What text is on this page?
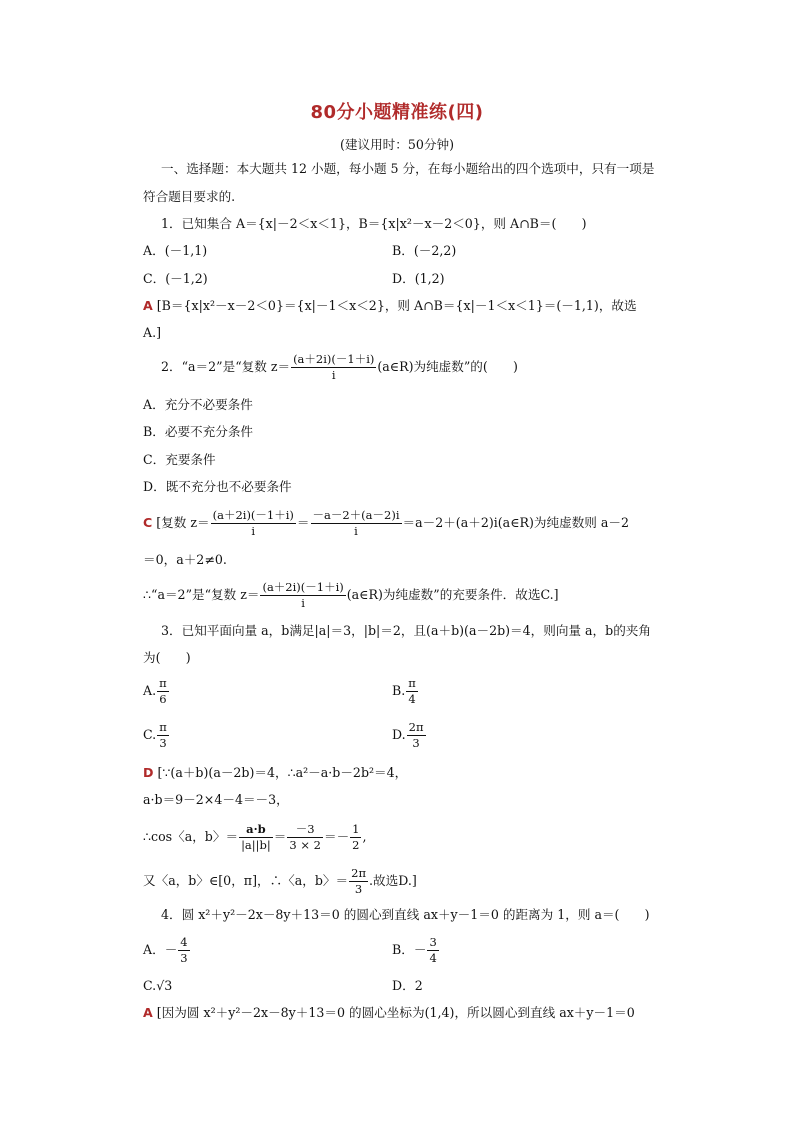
80分小题精准练(四)
(建议用时：50分钟)
一、选择题：本大题共 12 小题，每小题 5 分，在每小题给出的四个选项中，只有一项是
符合题目要求的.
1．已知集合 A＝{x|－2＜x＜1}，B＝{x|x²－x－2＜0}，则 A∩B＝(　　)
A．(－1,1)	B．(－2,2)
C．(－1,2)	D．(1,2)
A [B＝{x|x²－x－2＜0}＝{x|－1＜x＜2}，则 A∩B＝{x|－1＜x＜1}＝(－1,1)，故选
A.]
2．“a＝2”是“复数 $z= \frac{(a+2i)(-1+i)}{i}$ (a∈R)为纯虚数”的(　　)
A．充分不必要条件
B．必要不充分条件
C．充要条件
D．既不充分也不必要条件
C [复数 $z= \frac{(a+2i)(-1+i)}{i} = \frac{-a-2+(a-2)i}{i}$ ＝a－2＋(a＋2)i(a∈R)为纯虚数则 a－2
＝0，a＋2≠0.
∴“a＝2”是“复数 $z= \frac{(a+2i)(-1+i)}{i}$ (a∈R)为纯虚数”的充要条件．故选C.]
3．已知平面向量 a，b满足|a|＝3，|b|＝2，且(a＋b)(a－2b)＝4，则向量 a，b的夹角
为(　　)
A. $\frac{\pi}{6}$	B. $\frac{\pi}{4}$
C. $\frac{\pi}{3}$	D. $\frac{2\pi}{3}$
D [∵(a＋b)(a－2b)＝4，∴a²－a·b－2b²＝4，
a·b＝9－2×4－4＝－3，
∴cos〈a，b〉＝ $\frac{a\cdot b}{|a||b|} = \frac{-3}{3 \times 2} =- \frac{1}{2}$ ,
又〈a，b〉∈[0，π]，∴〈a，b〉＝ $\frac{2\pi}{3}$ .故选D.]
4．圆 x²＋y²－2x－8y＋13＝0 的圆心到直线 ax＋y－1＝0 的距离为 1，则 a＝(　　)
A．－ $\frac{4}{3}$	B．－ $\frac{3}{4}$
C.√3	D．2
A [因为圆 x²＋y²－2x－8y＋13＝0 的圆心坐标为(1,4)，所以圆心到直线 ax＋y－1＝0
